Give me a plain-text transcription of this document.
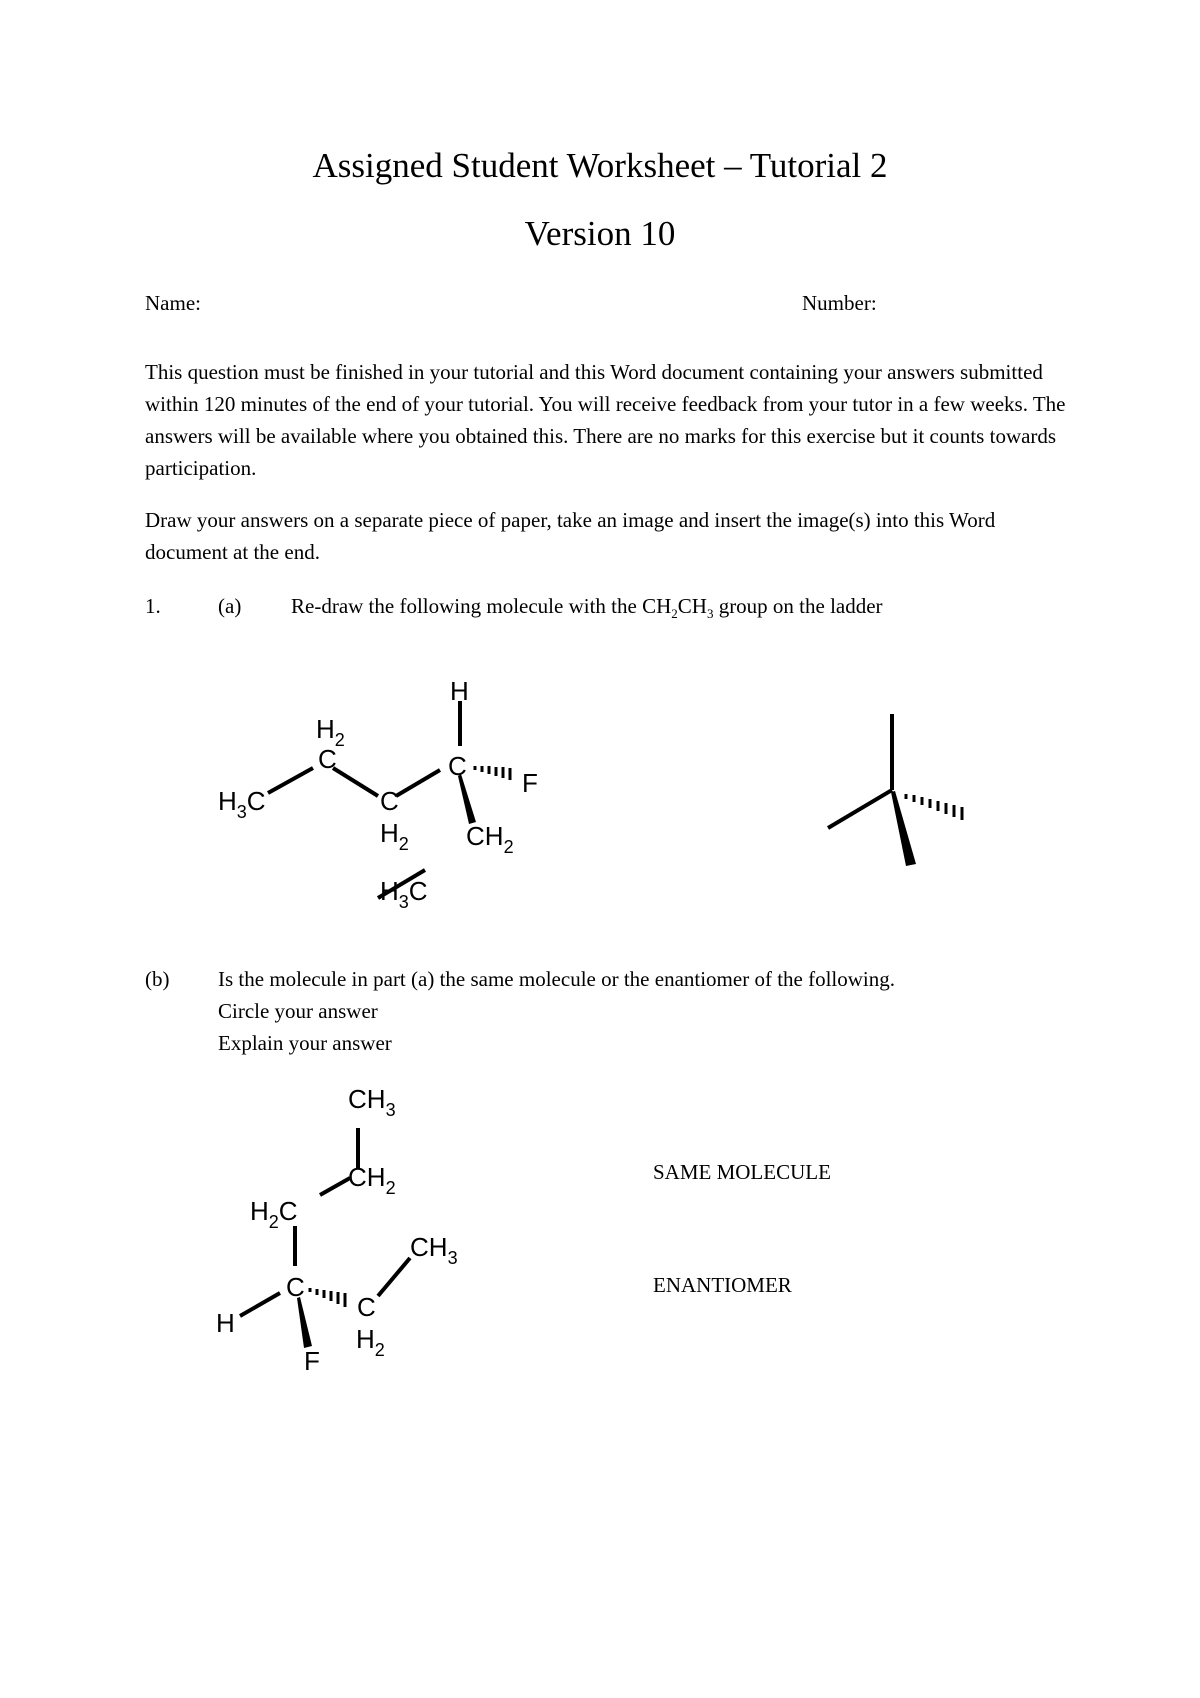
Assigned Student Worksheet – Tutorial 2
Version 10
Name:	Number:

This question must be finished in your tutorial and this Word document containing your answers submitted within 120 minutes of the end of your tutorial. You will receive feedback from your tutor in a few weeks. The answers will be available where you obtained this. There are no marks for this exercise but it counts towards participation.

Draw your answers on a separate piece of paper, take an image and insert the image(s) into this Word document at the end.

1.	(a) Re-draw the following molecule with the $CH_2CH_3$ group on the ladder
H
C
F
$H_2$
C
C
$H_2$
$H_3C$
$CH_2$
$H_3C$
$CH_3$
$CH_2$
$H_2C$
$CH_3$
C
C
H
F
$H_2$
(b) Is the molecule in part (a) the same molecule or the enantiomer of the following.
Circle your answer
Explain your answer
SAME MOLECULE
ENANTIOMER
